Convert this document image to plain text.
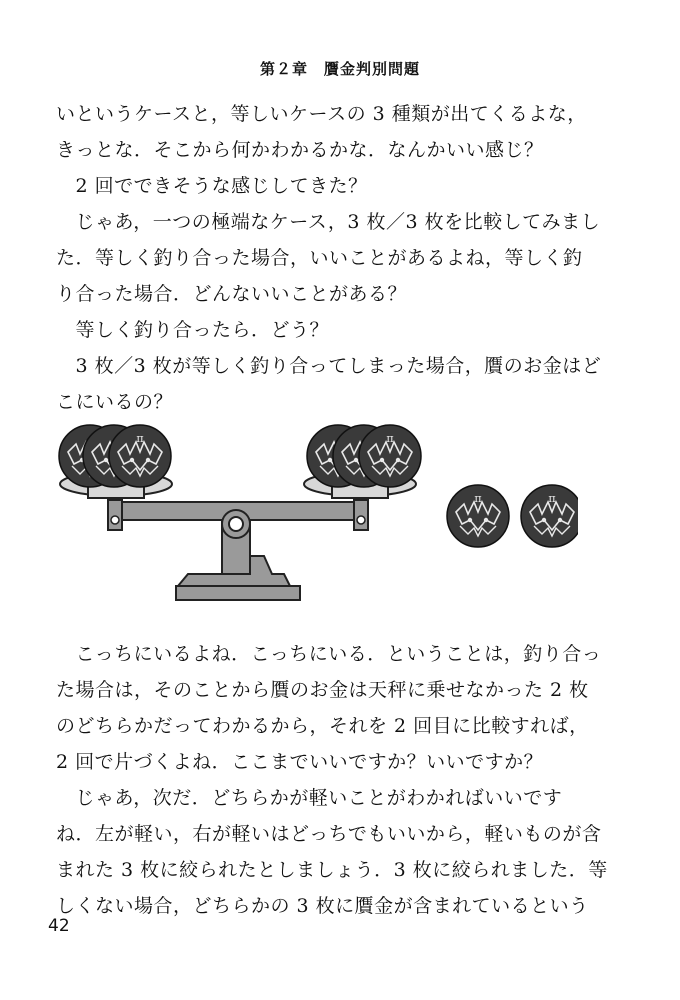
第２章　贋金判別問題
いというケースと，等しいケースの 3 種類が出てくるよな，
きっとな．そこから何かわかるかな．なんかいい感じ？
　2 回でできそうな感じしてきた？
　じゃあ，一つの極端なケース，3 枚／3 枚を比較してみまし
た．等しく釣り合った場合，いいことがあるよね，等しく釣
り合った場合．どんないいことがある？
　等しく釣り合ったら．どう？
　3 枚／3 枚が等しく釣り合ってしまった場合，贋のお金はど
こにいるの？
π	π
π	π
　こっちにいるよね．こっちにいる．ということは，釣り合っ
た場合は，そのことから贋のお金は天秤に乗せなかった 2 枚
のどちらかだってわかるから，それを 2 回目に比較すれば，
2 回で片づくよね．ここまでいいですか？いいですか？
　じゃあ，次だ．どちらかが軽いことがわかればいいです
ね．左が軽い，右が軽いはどっちでもいいから，軽いものが含
まれた 3 枚に絞られたとしましょう．3 枚に絞られました．等
しくない場合，どちらかの 3 枚に贋金が含まれているという
42
